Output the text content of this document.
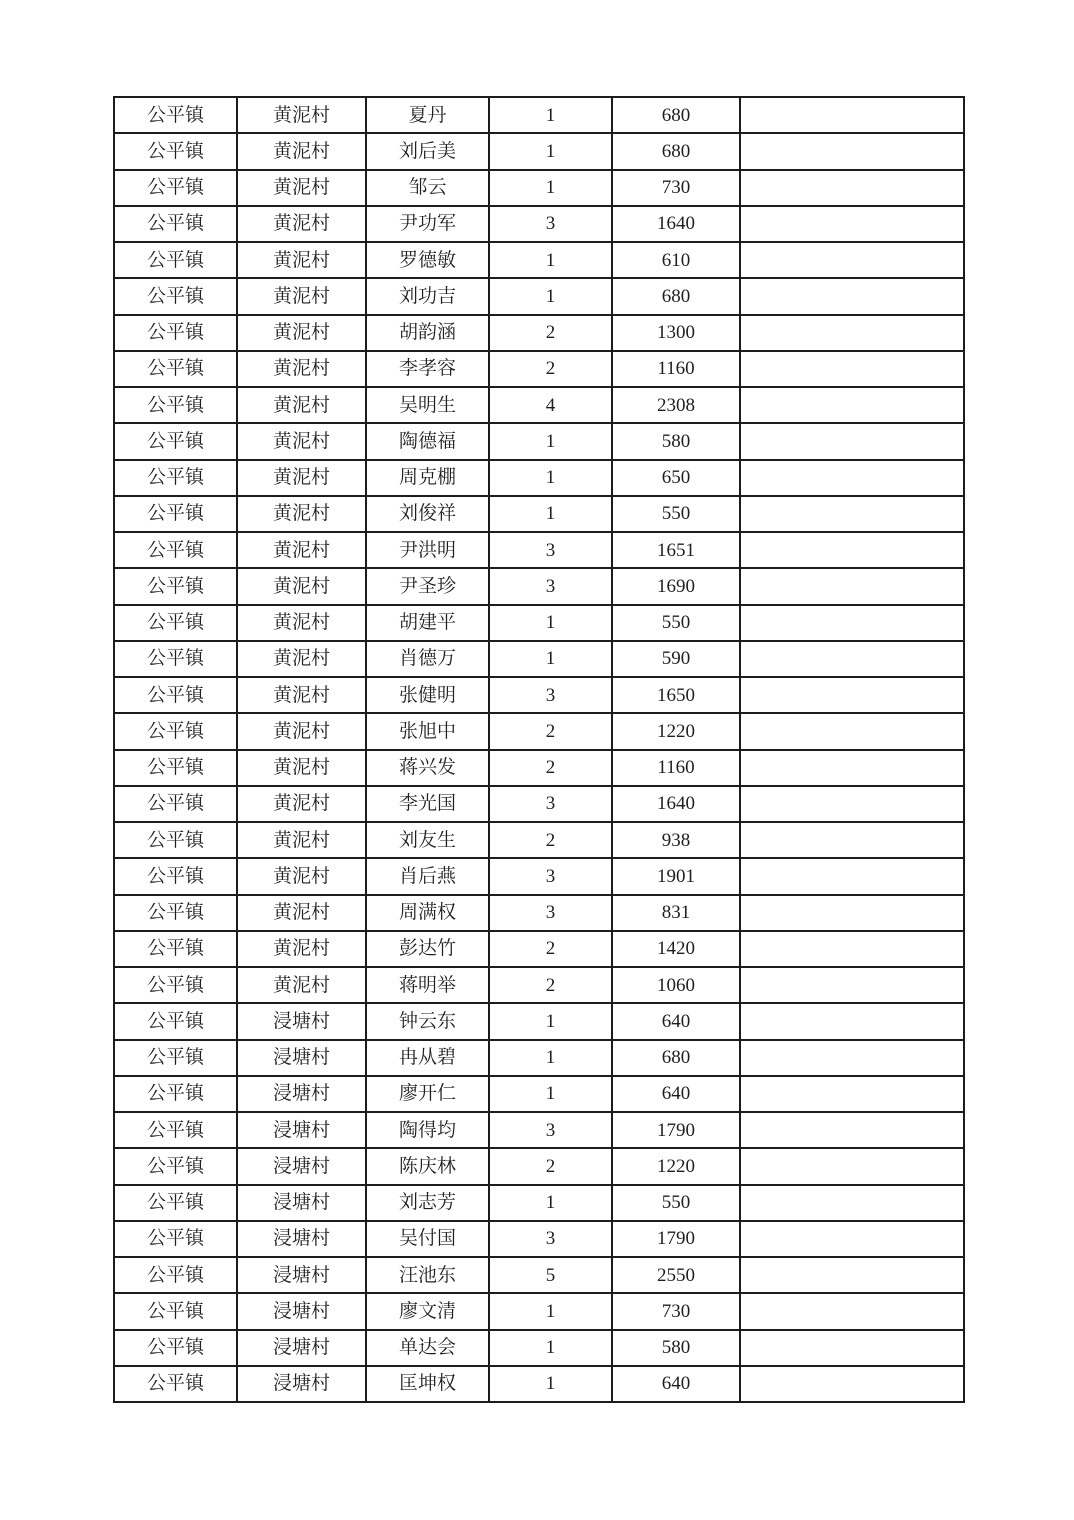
公平镇	黄泥村	夏丹	1	680	
公平镇	黄泥村	刘后美	1	680	
公平镇	黄泥村	邹云	1	730	
公平镇	黄泥村	尹功军	3	1640	
公平镇	黄泥村	罗德敏	1	610	
公平镇	黄泥村	刘功吉	1	680	
公平镇	黄泥村	胡韵涵	2	1300	
公平镇	黄泥村	李孝容	2	1160	
公平镇	黄泥村	吴明生	4	2308	
公平镇	黄泥村	陶德福	1	580	
公平镇	黄泥村	周克棚	1	650	
公平镇	黄泥村	刘俊祥	1	550	
公平镇	黄泥村	尹洪明	3	1651	
公平镇	黄泥村	尹圣珍	3	1690	
公平镇	黄泥村	胡建平	1	550	
公平镇	黄泥村	肖德万	1	590	
公平镇	黄泥村	张健明	3	1650	
公平镇	黄泥村	张旭中	2	1220	
公平镇	黄泥村	蒋兴发	2	1160	
公平镇	黄泥村	李光国	3	1640	
公平镇	黄泥村	刘友生	2	938	
公平镇	黄泥村	肖后燕	3	1901	
公平镇	黄泥村	周满权	3	831	
公平镇	黄泥村	彭达竹	2	1420	
公平镇	黄泥村	蒋明举	2	1060	
公平镇	浸塘村	钟云东	1	640	
公平镇	浸塘村	冉从碧	1	680	
公平镇	浸塘村	廖开仁	1	640	
公平镇	浸塘村	陶得均	3	1790	
公平镇	浸塘村	陈庆林	2	1220	
公平镇	浸塘村	刘志芳	1	550	
公平镇	浸塘村	吴付国	3	1790	
公平镇	浸塘村	汪池东	5	2550	
公平镇	浸塘村	廖文清	1	730	
公平镇	浸塘村	单达会	1	580	
公平镇	浸塘村	匡坤权	1	640	
